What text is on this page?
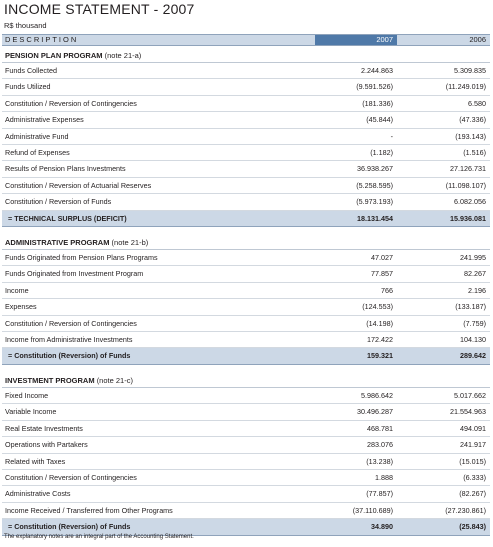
INCOME STATEMENT - 2007
R$ thousand
DESCRIPTION	2007	2006
PENSION PLAN PROGRAM (note 21-a)
Funds Collected	2.244.863	5.309.835
Funds Utilized	(9.591.526)	(11.249.019)
Constitution / Reversion of Contingencies	(181.336)	6.580
Administrative Expenses	(45.844)	(47.336)
Administrative Fund	-	(193.143)
Refund of Expenses	(1.182)	(1.516)
Results of Pension Plans Investments	36.938.267	27.126.731
Constitution / Reversion of Actuarial Reserves	(5.258.595)	(11.098.107)
Constitution / Reversion of Funds	(5.973.193)	6.082.056
= TECHNICAL SURPLUS (DEFICIT)	18.131.454	15.936.081
ADMINISTRATIVE PROGRAM (note 21-b)
Funds Originated from Pension Plans Programs	47.027	241.995
Funds Originated from Investment Program	77.857	82.267
Income	766	2.196
Expenses	(124.553)	(133.187)
Constitution / Reversion of Contingencies	(14.198)	(7.759)
Income from Administrative Investments	172.422	104.130
= Constitution (Reversion) of Funds	159.321	289.642
INVESTMENT PROGRAM (note 21-c)
Fixed Income	5.986.642	5.017.662
Variable Income	30.496.287	21.554.963
Real Estate Investments	468.781	494.091
Operations with Partakers	283.076	241.917
Related with Taxes	(13.238)	(15.015)
Constitution / Reversion of Contingencies	1.888	(6.333)
Administrative Costs	(77.857)	(82.267)
Income Received / Transferred from Other Programs	(37.110.689)	(27.230.861)
= Constitution (Reversion) of Funds	34.890	(25.843)
The explanatory notes are an integral part of the Accounting Statement.
